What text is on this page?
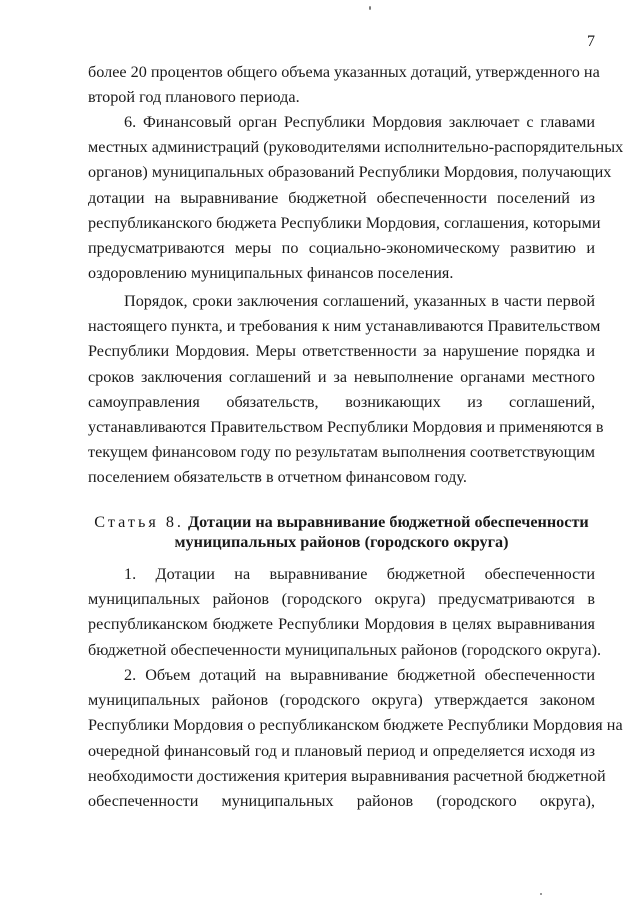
7
более 20 процентов общего объема указанных дотаций, утвержденного на
второй год планового периода.
6. Финансовый орган Республики Мордовия заключает с главами
местных администраций (руководителями исполнительно-распорядительных
органов) муниципальных образований Республики Мордовия, получающих
дотации на выравнивание бюджетной обеспеченности поселений из
республиканского бюджета Республики Мордовия, соглашения, которыми
предусматриваются меры по социально-экономическому развитию и
оздоровлению муниципальных финансов поселения.
Порядок, сроки заключения соглашений, указанных в части первой
настоящего пункта, и требования к ним устанавливаются Правительством
Республики Мордовия. Меры ответственности за нарушение порядка и
сроков заключения соглашений и за невыполнение органами местного
самоуправления обязательств, возникающих из соглашений,
устанавливаются Правительством Республики Мордовия и применяются в
текущем финансовом году по результатам выполнения соответствующим
поселением обязательств в отчетном финансовом году.
Статья 8. Дотации на выравнивание бюджетной обеспеченности
муниципальных районов (городского округа)
1. Дотации на выравнивание бюджетной обеспеченности
муниципальных районов (городского округа) предусматриваются в
республиканском бюджете Республики Мордовия в целях выравнивания
бюджетной обеспеченности муниципальных районов (городского округа).
2. Объем дотаций на выравнивание бюджетной обеспеченности
муниципальных районов (городского округа) утверждается законом
Республики Мордовия о республиканском бюджете Республики Мордовия на
очередной финансовый год и плановый период и определяется исходя из
необходимости достижения критерия выравнивания расчетной бюджетной
обеспеченности муниципальных районов (городского округа),
